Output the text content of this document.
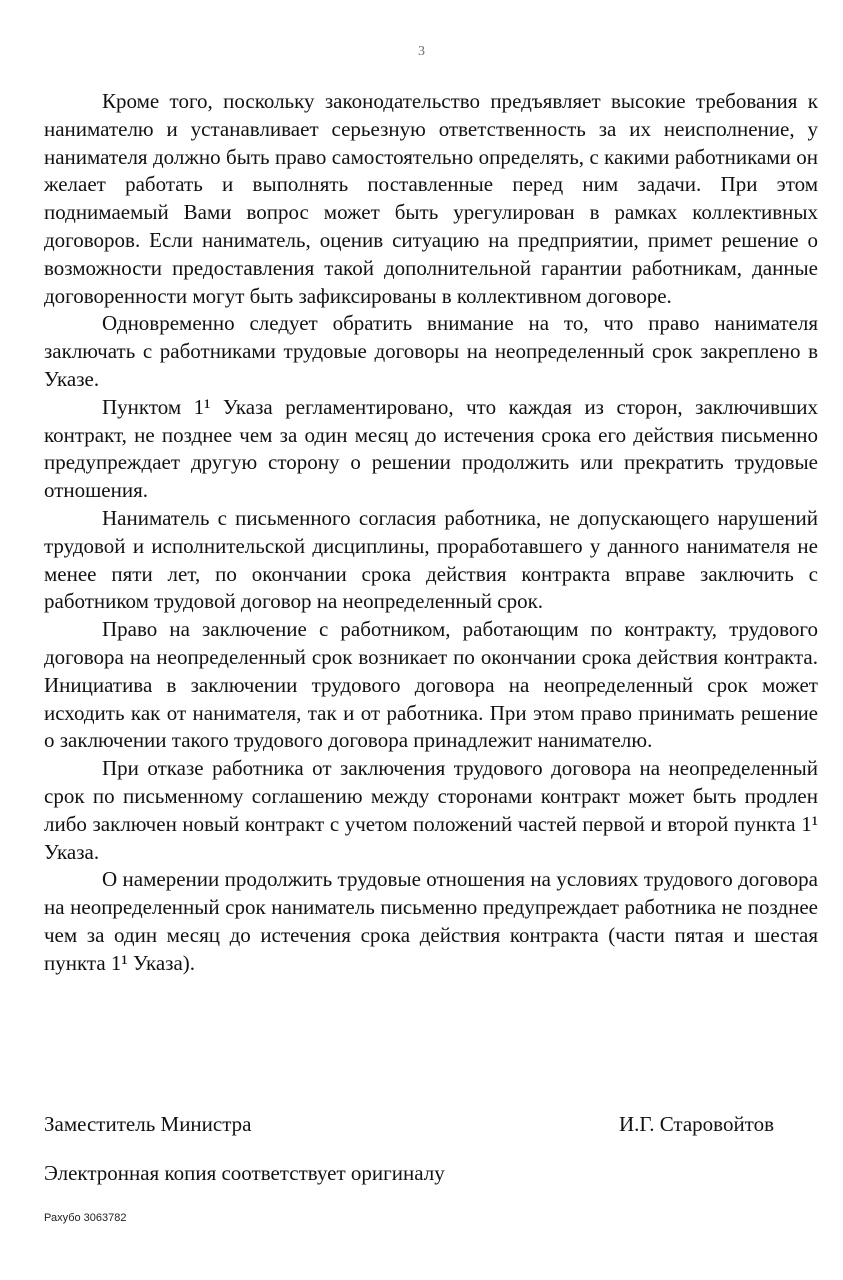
3

Кроме того, поскольку законодательство предъявляет высокие требования к нанимателю и устанавливает серьезную ответственность за их неисполнение, у нанимателя должно быть право самостоятельно определять, с какими работниками он желает работать и выполнять поставленные перед ним задачи. При этом поднимаемый Вами вопрос может быть урегулирован в рамках коллективных договоров. Если наниматель, оценив ситуацию на предприятии, примет решение о возможности предоставления такой дополнительной гарантии работникам, данные договоренности могут быть зафиксированы в коллективном договоре.

Одновременно следует обратить внимание на то, что право нанимателя заключать с работниками трудовые договоры на неопределенный срок закреплено в Указе.

Пунктом 1¹ Указа регламентировано, что каждая из сторон, заключивших контракт, не позднее чем за один месяц до истечения срока его действия письменно предупреждает другую сторону о решении продолжить или прекратить трудовые отношения.

Наниматель с письменного согласия работника, не допускающего нарушений трудовой и исполнительской дисциплины, проработавшего у данного нанимателя не менее пяти лет, по окончании срока действия контракта вправе заключить с работником трудовой договор на неопределенный срок.

Право на заключение с работником, работающим по контракту, трудового договора на неопределенный срок возникает по окончании срока действия контракта. Инициатива в заключении трудового договора на неопределенный срок может исходить как от нанимателя, так и от работника. При этом право принимать решение о заключении такого трудового договора принадлежит нанимателю.

При отказе работника от заключения трудового договора на неопределенный срок по письменному соглашению между сторонами контракт может быть продлен либо заключен новый контракт с учетом положений частей первой и второй пункта 1¹ Указа.

О намерении продолжить трудовые отношения на условиях трудового договора на неопределенный срок наниматель письменно предупреждает работника не позднее чем за один месяц до истечения срока действия контракта (части пятая и шестая пункта 1¹ Указа).

Заместитель Министра	И.Г. Старовойтов
Электронная копия соответствует оригиналу
Рахубо 3063782
